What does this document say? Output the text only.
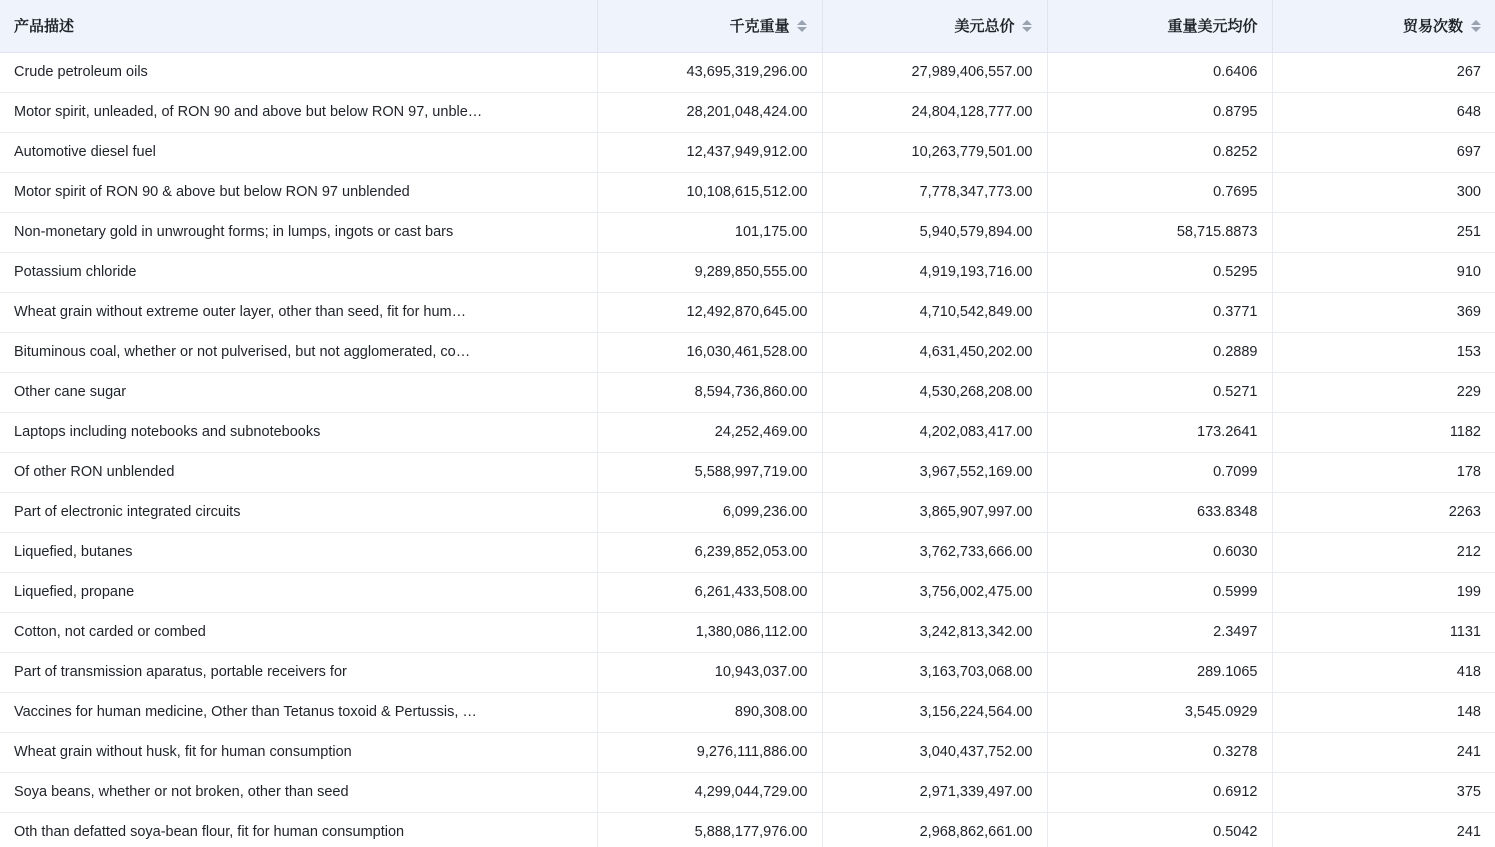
产品描述	千克重量	美元总价	重量美元均价	贸易次数

Crude petroleum oils	43,695,319,296.00	27,989,406,557.00	0.6406	267
Motor spirit, unleaded, of RON 90 and above but below RON 97, unble…	28,201,048,424.00	24,804,128,777.00	0.8795	648
Automotive diesel fuel	12,437,949,912.00	10,263,779,501.00	0.8252	697
Motor spirit of RON 90 & above but below RON 97 unblended	10,108,615,512.00	7,778,347,773.00	0.7695	300
Non-monetary gold in unwrought forms; in lumps, ingots or cast bars	101,175.00	5,940,579,894.00	58,715.8873	251
Potassium chloride	9,289,850,555.00	4,919,193,716.00	0.5295	910
Wheat grain without extreme outer layer, other than seed, fit for hum…	12,492,870,645.00	4,710,542,849.00	0.3771	369
Bituminous coal, whether or not pulverised, but not agglomerated, co…	16,030,461,528.00	4,631,450,202.00	0.2889	153
Other cane sugar	8,594,736,860.00	4,530,268,208.00	0.5271	229
Laptops including notebooks and subnotebooks	24,252,469.00	4,202,083,417.00	173.2641	1182
Of other RON unblended	5,588,997,719.00	3,967,552,169.00	0.7099	178
Part of electronic integrated circuits	6,099,236.00	3,865,907,997.00	633.8348	2263
Liquefied, butanes	6,239,852,053.00	3,762,733,666.00	0.6030	212
Liquefied, propane	6,261,433,508.00	3,756,002,475.00	0.5999	199
Cotton, not carded or combed	1,380,086,112.00	3,242,813,342.00	2.3497	1131
Part of transmission aparatus, portable receivers for	10,943,037.00	3,163,703,068.00	289.1065	418
Vaccines for human medicine, Other than Tetanus toxoid & Pertussis, …	890,308.00	3,156,224,564.00	3,545.0929	148
Wheat grain without husk, fit for human consumption	9,276,111,886.00	3,040,437,752.00	0.3278	241
Soya beans, whether or not broken, other than seed	4,299,044,729.00	2,971,339,497.00	0.6912	375
Oth than defatted soya-bean flour, fit for human consumption	5,888,177,976.00	2,968,862,661.00	0.5042	241
